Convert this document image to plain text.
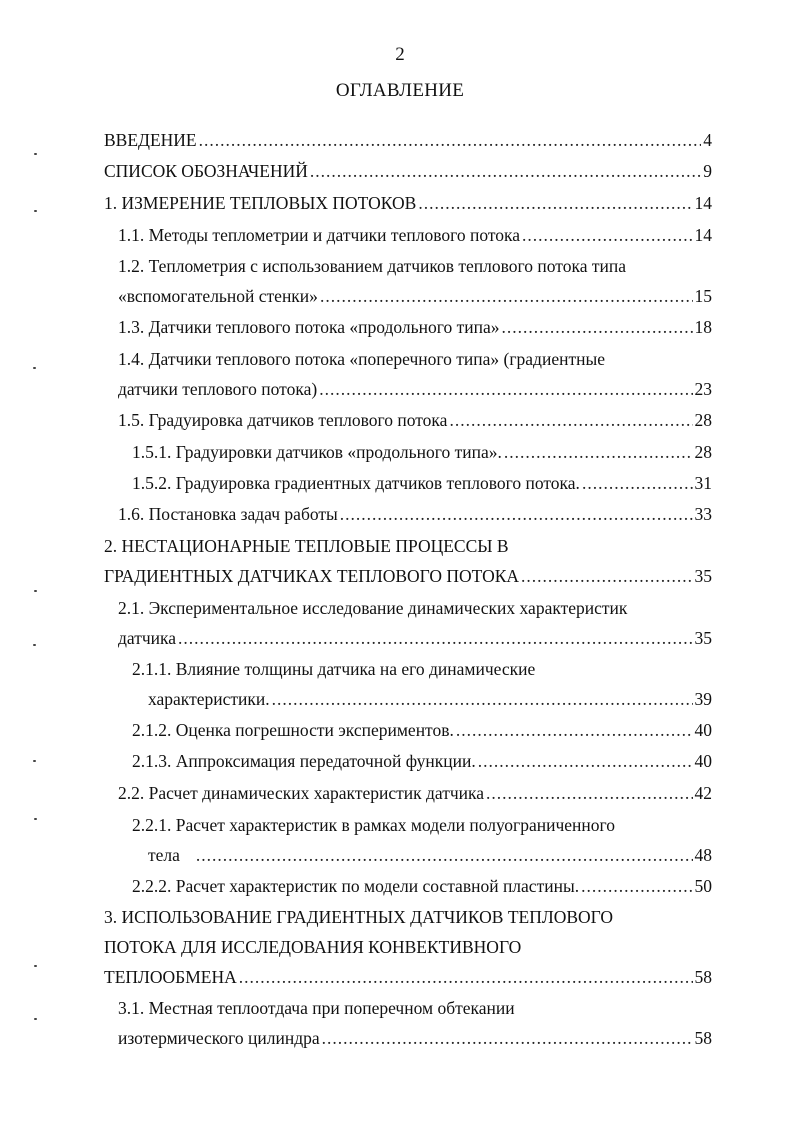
2
ОГЛАВЛЕНИЕ
ВВЕДЕНИЕ .....	4
СПИСОК ОБОЗНАЧЕНИЙ .....	9
1. ИЗМЕРЕНИЕ ТЕПЛОВЫХ ПОТОКОВ .....	14
1.1. Методы теплометрии и датчики теплового потока .....	14
1.2. Теплометрия с использованием датчиков теплового потока типа
«вспомогательной стенки» .....	15
1.3. Датчики теплового потока «продольного типа» .....	18
1.4. Датчики теплового потока «поперечного типа» (градиентные
датчики теплового потока) .....	23
1.5. Градуировка датчиков теплового потока .....	28
1.5.1. Градуировки датчиков «продольного типа». .....	28
1.5.2. Градуировка градиентных датчиков теплового потока. .....	31
1.6. Постановка задач работы .....	33
2. НЕСТАЦИОНАРНЫЕ ТЕПЛОВЫЕ ПРОЦЕССЫ В
ГРАДИЕНТНЫХ ДАТЧИКАХ ТЕПЛОВОГО ПОТОКА .....	35
2.1. Экспериментальное исследование динамических характеристик
датчика .....	35
2.1.1. Влияние толщины датчика на его динамические
характеристики. .....	39
2.1.2. Оценка погрешности экспериментов. .....	40
2.1.3. Аппроксимация передаточной функции. .....	40
2.2. Расчет динамических характеристик датчика .....	42
2.2.1. Расчет характеристик в рамках модели полуограниченного
тела .....	48
2.2.2. Расчет характеристик по модели составной пластины. .....	50
3. ИСПОЛЬЗОВАНИЕ ГРАДИЕНТНЫХ ДАТЧИКОВ ТЕПЛОВОГО
ПОТОКА ДЛЯ ИССЛЕДОВАНИЯ КОНВЕКТИВНОГО
ТЕПЛООБМЕНА .....	58
3.1. Местная теплоотдача при поперечном обтекании
изотермического цилиндра .....	58
